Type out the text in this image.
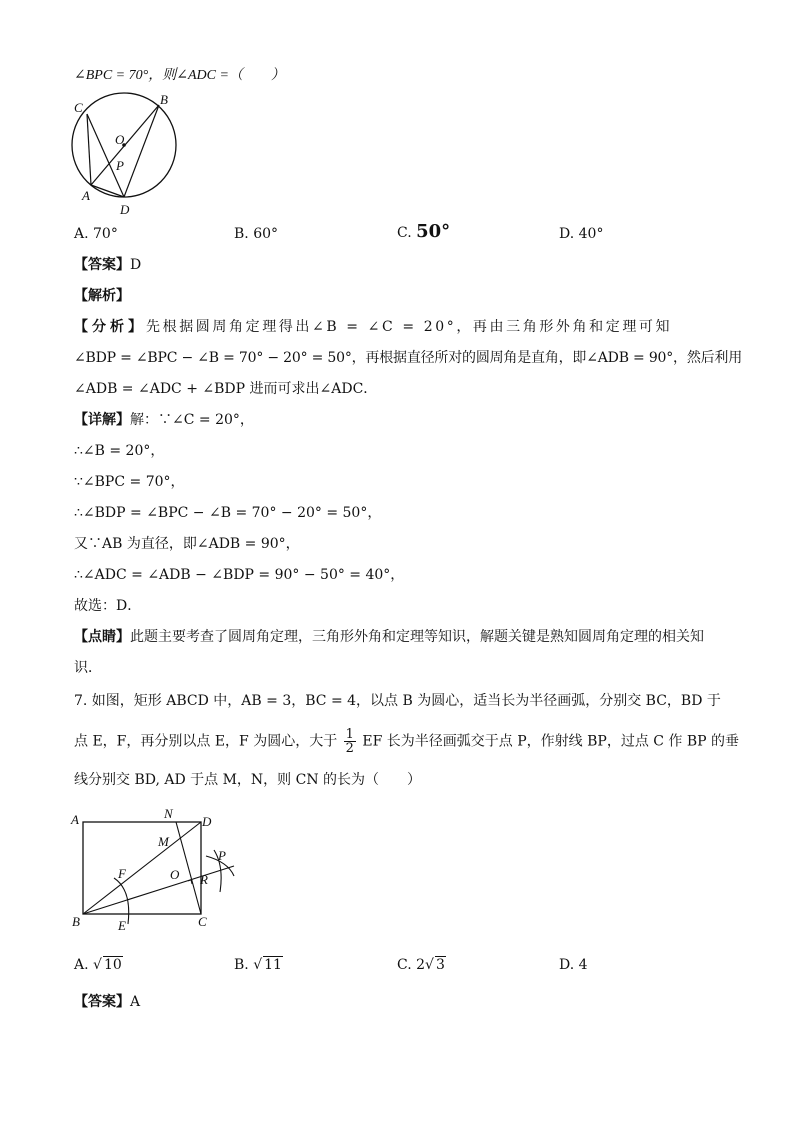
∠BPC = 70°，则∠ADC =（　　）
C
B
O
P
A
D
A. 70°	B. 60°	C. 50°	D. 40°
【答案】D
【解析】
【分析】先根据圆周角定理得出∠B = ∠C = 20°，再由三角形外角和定理可知
∠BDP = ∠BPC − ∠B = 70° − 20° = 50°，再根据直径所对的圆周角是直角，即∠ADB = 90°，然后利用
∠ADB = ∠ADC + ∠BDP 进而可求出∠ADC．
【详解】解：∵∠C = 20°，
∴∠B = 20°，
∵∠BPC = 70°，
∴∠BDP = ∠BPC − ∠B = 70° − 20° = 50°，
又∵AB 为直径，即∠ADB = 90°，
∴∠ADC = ∠ADB − ∠BDP = 90° − 50° = 40°，
故选：D．
【点睛】此题主要考查了圆周角定理，三角形外角和定理等知识，解题关键是熟知圆周角定理的相关知
识．
7. 如图，矩形 ABCD 中，AB = 3，BC = 4，以点 B 为圆心，适当长为半径画弧，分别交 BC，BD 于
点 E，F，再分别以点 E，F 为圆心，大于 $\frac{1}{2}$ EF 长为半径画弧交于点 P，作射线 BP，过点 C 作 BP 的垂
线分别交 BD, AD 于点 M，N，则 CN 的长为（　　）
A	N
D
M
P
F	O R
B	E	C
A. √ 10	B. √ 11	C. 2√ 3	D. 4
【答案】A
